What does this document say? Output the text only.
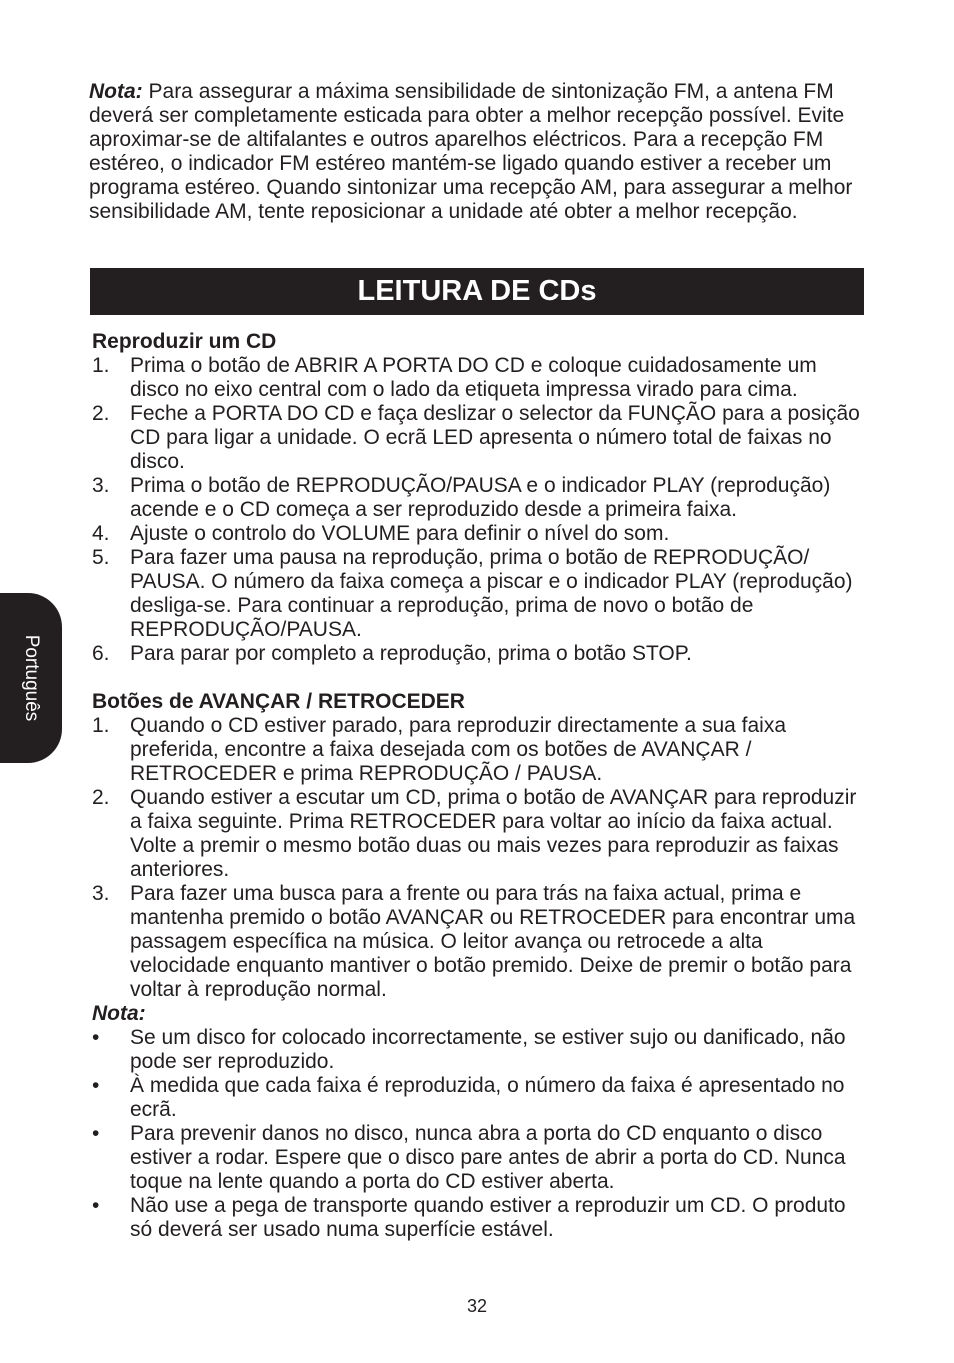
Nota: Para assegurar a máxima sensibilidade de sintonização FM, a antena FM deverá ser completamente esticada para obter a melhor recepção possível. Evite aproximar-se de altifalantes e outros aparelhos eléctricos. Para a recepção FM estéreo, o indicador FM estéreo mantém-se ligado quando estiver a receber um programa estéreo. Quando sintonizar uma recepção AM, para assegurar a melhor sensibilidade AM, tente reposicionar a unidade até obter a melhor recepção.

LEITURA DE CDs

Reproduzir um CD

1. Prima o botão de ABRIR A PORTA DO CD e coloque cuidadosamente um disco no eixo central com o lado da etiqueta impressa virado para cima.
2. Feche a PORTA DO CD e faça deslizar o selector da FUNÇÃO para a posição CD para ligar a unidade. O ecrã LED apresenta o número total de faixas no disco.
3. Prima o botão de REPRODUÇÃO/PAUSA e o indicador PLAY (reprodução) acende e o CD começa a ser reproduzido desde a primeira faixa.
4. Ajuste o controlo do VOLUME para definir o nível do som.
5. Para fazer uma pausa na reprodução, prima o botão de REPRODUÇÃO/ PAUSA. O número da faixa começa a piscar e o indicador PLAY (reprodução) desliga-se. Para continuar a reprodução, prima de novo o botão de REPRODUÇÃO/PAUSA.
6. Para parar por completo a reprodução, prima o botão STOP.

Botões de AVANÇAR / RETROCEDER

1. Quando o CD estiver parado, para reproduzir directamente a sua faixa preferida, encontre a faixa desejada com os botões de AVANÇAR / RETROCEDER e prima REPRODUÇÃO / PAUSA.
2. Quando estiver a escutar um CD, prima o botão de AVANÇAR para reproduzir a faixa seguinte. Prima RETROCEDER para voltar ao início da faixa actual. Volte a premir o mesmo botão duas ou mais vezes para reproduzir as faixas anteriores.
3. Para fazer uma busca para a frente ou para trás na faixa actual, prima e mantenha premido o botão AVANÇAR ou RETROCEDER para encontrar uma passagem específica na música. O leitor avança ou retrocede a alta velocidade enquanto mantiver o botão premido. Deixe de premir o botão para voltar à reprodução normal.

Nota:

• Se um disco for colocado incorrectamente, se estiver sujo ou danificado, não pode ser reproduzido.
• À medida que cada faixa é reproduzida, o número da faixa é apresentado no ecrã.
• Para prevenir danos no disco, nunca abra a porta do CD enquanto o disco estiver a rodar. Espere que o disco pare antes de abrir a porta do CD. Nunca toque na lente quando a porta do CD estiver aberta.
• Não use a pega de transporte quando estiver a reproduzir um CD. O produto só deverá ser usado numa superfície estável.
Português
32
